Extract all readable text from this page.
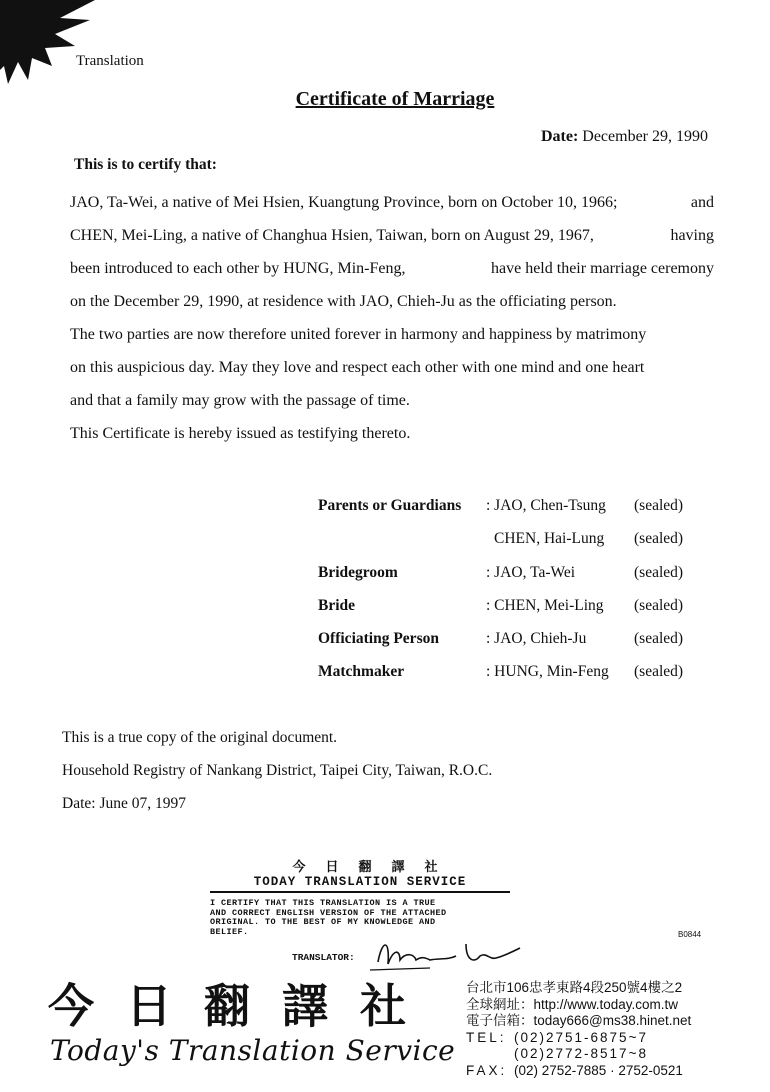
Translation
Certificate of Marriage
Date: December 29, 1990
This is to certify that:
JAO, Ta-Wei, a native of Mei Hsien, Kuangtung Province, born on October 10, 1966;	and
CHEN, Mei-Ling, a native of Changhua Hsien, Taiwan, born on August 29, 1967,	having
been introduced to each other by HUNG, Min-Feng,	have held their marriage ceremony
on the December 29, 1990, at residence with JAO, Chieh-Ju as the officiating person.
The two parties are now therefore united forever in harmony and happiness by matrimony
on this auspicious day. May they love and respect each other with one mind and one heart
and that a family may grow with the passage of time.
This Certificate is hereby issued as testifying thereto.
Parents or Guardians : JAO, Chen-Tsung (sealed)
CHEN, Hai-Lung (sealed)
Bridegroom	: JAO, Ta-Wei	(sealed)
Bride	: CHEN, Mei-Ling (sealed)
Officiating Person	: JAO, Chieh-Ju	(sealed)
Matchmaker	: HUNG, Min-Feng (sealed)
This is a true copy of the original document.
Household Registry of Nankang District, Taipei City, Taiwan, R.O.C.
Date: June 07, 1997
今日翻譯社
TODAY TRANSLATION SERVICE
I CERTIFY THAT THIS TRANSLATION IS A TRUE
AND CORRECT ENGLISH VERSION OF THE ATTACHED
ORIGINAL. TO THE BEST OF MY KNOWLEDGE AND
BELIEF.
TRANSLATOR:
B0844
今日翻譯社
Today's Translation Service
台北市106忠孝東路4段250號4樓之2
全球網址：http://www.today.com.tw
電子信箱：today666@ms38.hinet.net
TEL: (02)2751-6875~7
(02)2772-8517~8
FAX: (02) 2752-7885 · 2752-0521
